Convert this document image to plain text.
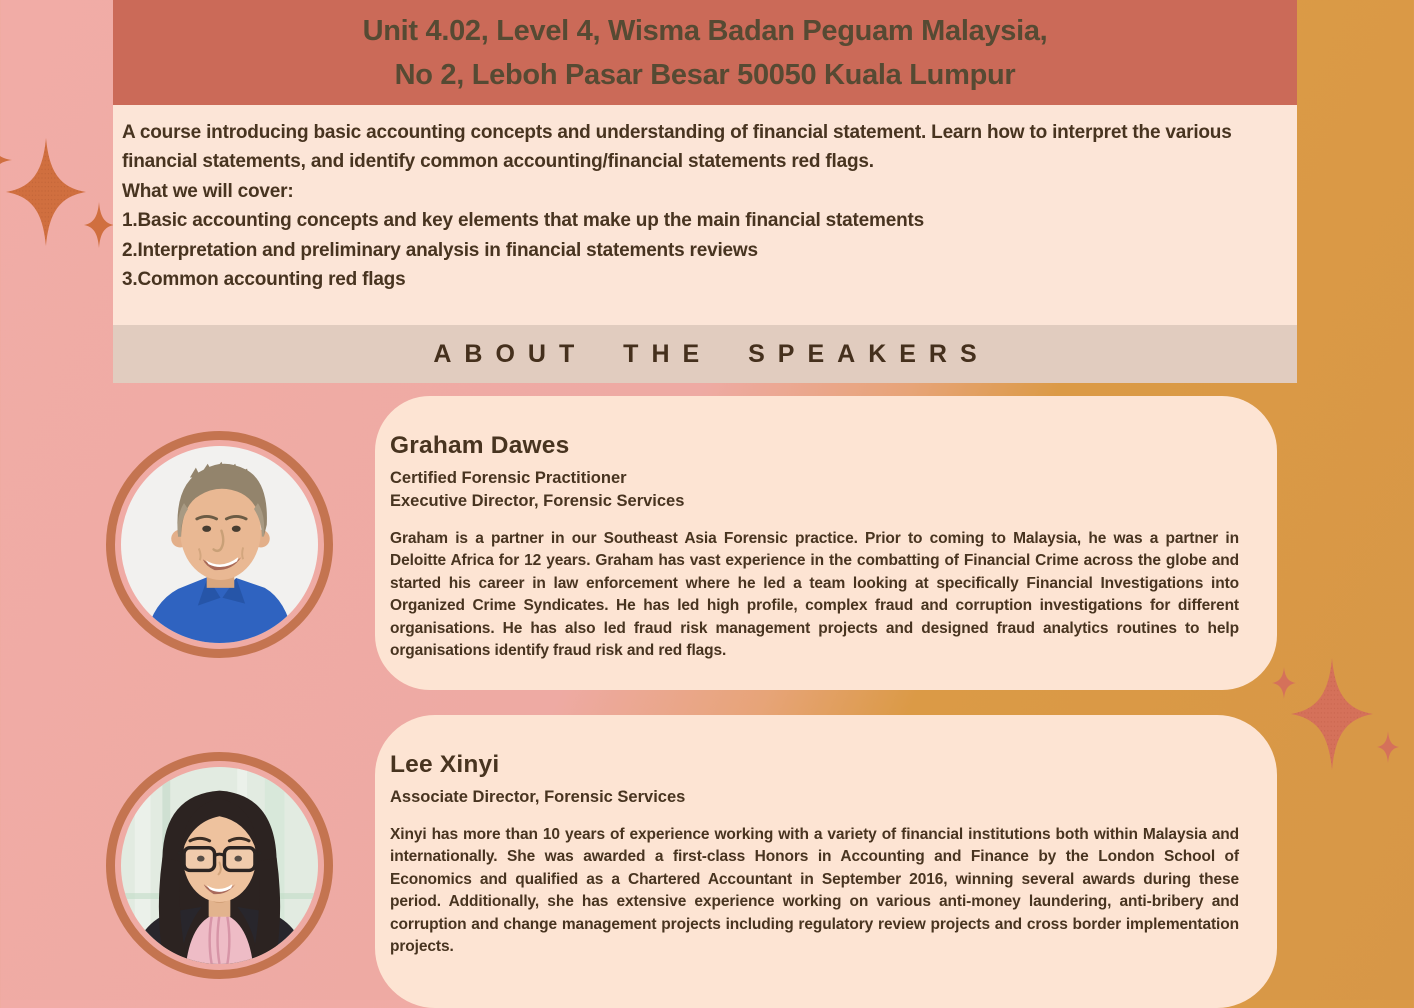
Unit 4.02, Level 4, Wisma Badan Peguam Malaysia,
No 2, Leboh Pasar Besar 50050 Kuala Lumpur

A course introducing basic accounting concepts and understanding of financial statement. Learn how to interpret the various financial statements, and identify common accounting/financial statements red flags.

What we will cover:

1.Basic accounting concepts and key elements that make up the main financial statements

2.Interpretation and preliminary analysis in financial statements reviews

3.Common accounting red flags

ABOUT THE SPEAKERS
Graham Dawes
Certified Forensic Practitioner
Executive Director, Forensic Services
Graham is a partner in our Southeast Asia Forensic practice. Prior to coming to Malaysia, he was a partner in Deloitte Africa for 12 years. Graham has vast experience in the combatting of Financial Crime across the globe and started his career in law enforcement where he led a team looking at specifically Financial Investigations into Organized Crime Syndicates. He has led high profile, complex fraud and corruption investigations for different organisations. He has also led fraud risk management projects and designed fraud analytics routines to help organisations identify fraud risk and red flags.
Lee Xinyi
Associate Director, Forensic Services
Xinyi has more than 10 years of experience working with a variety of financial institutions both within Malaysia and internationally. She was awarded a first-class Honors in Accounting and Finance by the London School of Economics and qualified as a Chartered Accountant in September 2016, winning several awards during these period. Additionally, she has extensive experience working on various anti-money laundering, anti-bribery and corruption and change management projects including regulatory review projects and cross border implementation projects.
